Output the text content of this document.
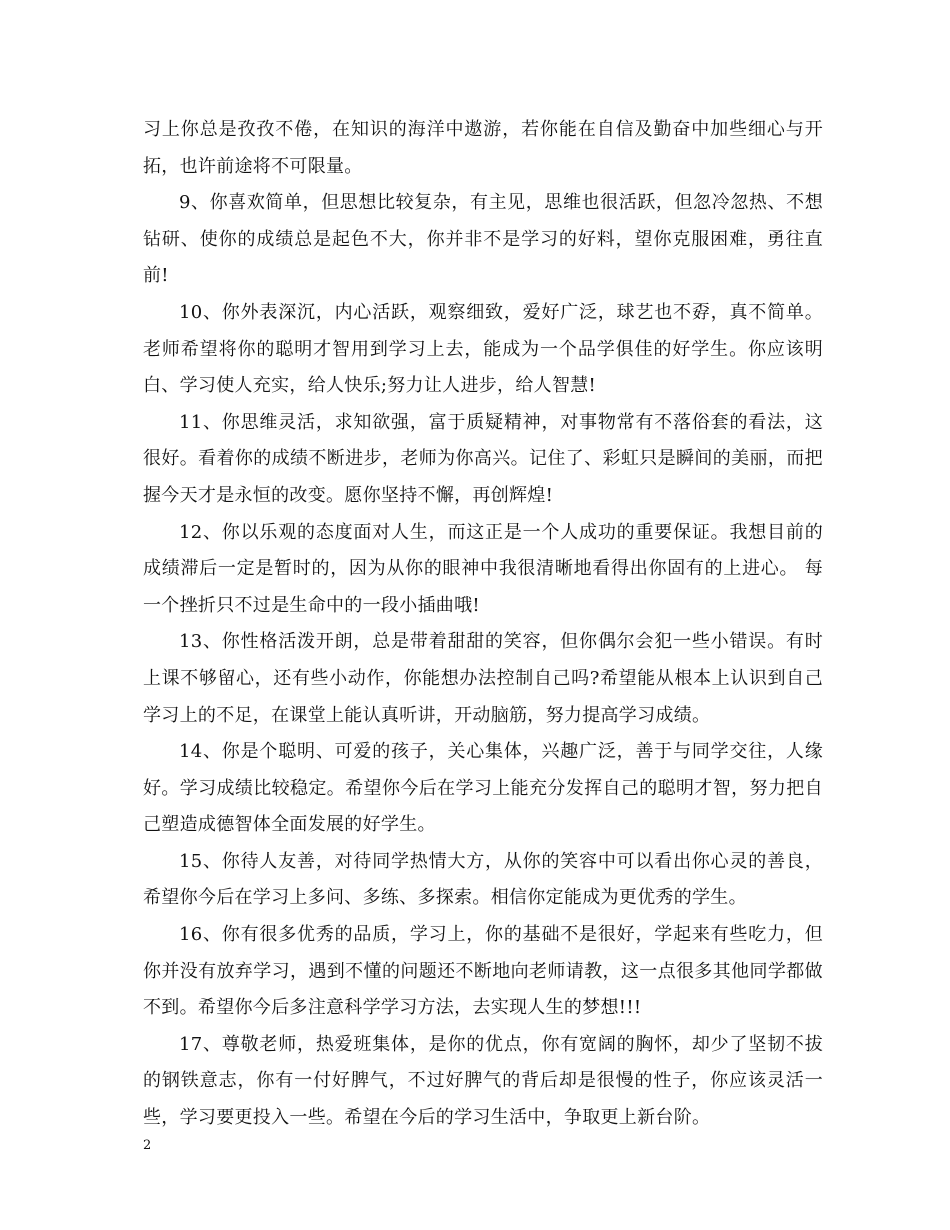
习上你总是孜孜不倦，在知识的海洋中遨游，若你能在自信及勤奋中加些细心与开拓，也许前途将不可限量。

9、你喜欢简单，但思想比较复杂，有主见，思维也很活跃，但忽冷忽热、不想钻研、使你的成绩总是起色不大，你并非不是学习的好料，望你克服困难，勇往直前!

10、你外表深沉，内心活跃，观察细致，爱好广泛，球艺也不孬，真不简单。老师希望将你的聪明才智用到学习上去，能成为一个品学俱佳的好学生。你应该明白、学习使人充实，给人快乐;努力让人进步，给人智慧!

11、你思维灵活，求知欲强，富于质疑精神，对事物常有不落俗套的看法，这很好。看着你的成绩不断进步，老师为你高兴。记住了、彩虹只是瞬间的美丽，而把握今天才是永恒的改变。愿你坚持不懈，再创辉煌!

12、你以乐观的态度面对人生，而这正是一个人成功的重要保证。我想目前的成绩滞后一定是暂时的，因为从你的眼神中我很清晰地看得出你固有的上进心。 每一个挫折只不过是生命中的一段小插曲哦!

13、你性格活泼开朗，总是带着甜甜的笑容，但你偶尔会犯一些小错误。有时上课不够留心，还有些小动作，你能想办法控制自己吗?希望能从根本上认识到自己学习上的不足，在课堂上能认真听讲，开动脑筋，努力提高学习成绩。

14、你是个聪明、可爱的孩子，关心集体，兴趣广泛，善于与同学交往，人缘好。学习成绩比较稳定。希望你今后在学习上能充分发挥自己的聪明才智，努力把自己塑造成德智体全面发展的好学生。

15、你待人友善，对待同学热情大方，从你的笑容中可以看出你心灵的善良，希望你今后在学习上多问、多练、多探索。相信你定能成为更优秀的学生。

16、你有很多优秀的品质，学习上，你的基础不是很好，学起来有些吃力，但你并没有放弃学习，遇到不懂的问题还不断地向老师请教，这一点很多其他同学都做不到。希望你今后多注意科学学习方法，去实现人生的梦想!!!

17、尊敬老师，热爱班集体，是你的优点，你有宽阔的胸怀，却少了坚韧不拔的钢铁意志，你有一付好脾气，不过好脾气的背后却是很慢的性子，你应该灵活一些，学习要更投入一些。希望在今后的学习生活中，争取更上新台阶。

2
